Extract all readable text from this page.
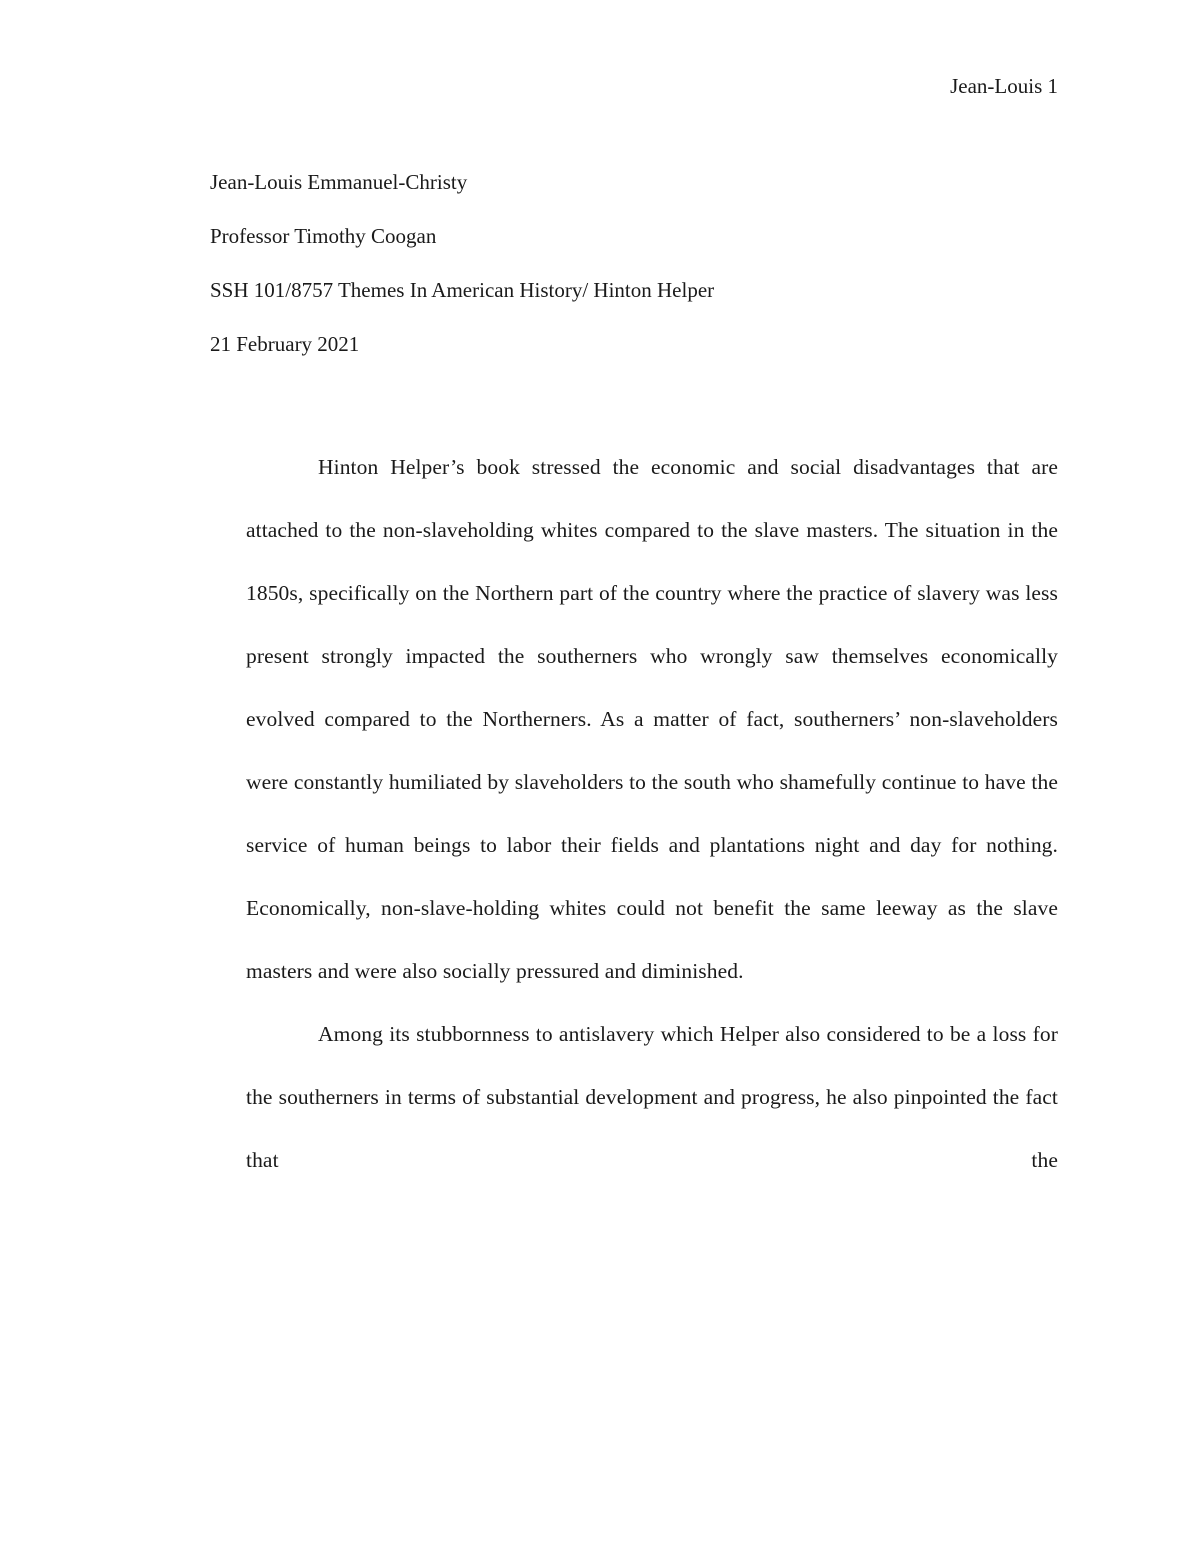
Jean-Louis 1
Jean-Louis Emmanuel-Christy
Professor Timothy Coogan
SSH 101/8757 Themes In American History/ Hinton Helper
21 February 2021

Hinton Helper’s book stressed the economic and social disadvantages that are attached to the non-slaveholding whites compared to the slave masters. The situation in the 1850s, specifically on the Northern part of the country where the practice of slavery was less present strongly impacted the southerners who wrongly saw themselves economically evolved compared to the Northerners. As a matter of fact, southerners’ non-slaveholders were constantly humiliated by slaveholders to the south who shamefully continue to have the service of human beings to labor their fields and plantations night and day for nothing. Economically, non-slave-holding whites could not benefit the same leeway as the slave masters and were also socially pressured and diminished.

Among its stubbornness to antislavery which Helper also considered to be a loss for the southerners in terms of substantial development and progress, he also pinpointed the fact that the
